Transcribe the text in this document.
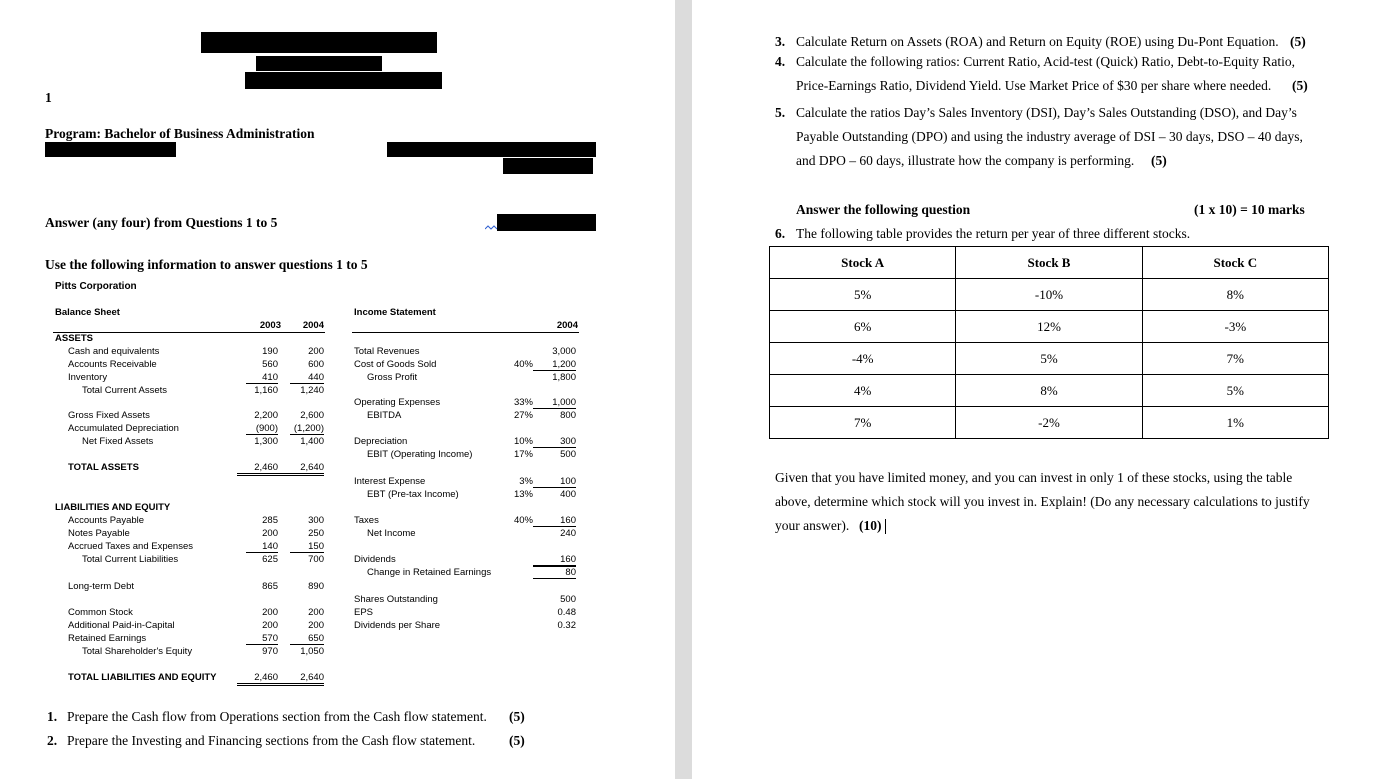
1
Program: Bachelor of Business Administration
Answer (any four) from Questions 1 to 5
Use the following information to answer questions 1 to 5
Pitts Corporation
Balance Sheet
2003	2004
ASSETS
Cash and equivalents	190	200
Accounts Receivable	560	600
Inventory	410	440
Total Current Assets	1,160	1,240
Gross Fixed Assets	2,200	2,600
Accumulated Depreciation	(900)	(1,200)
Net Fixed Assets	1,300	1,400
TOTAL ASSETS	2,460	2,640
LIABILITIES AND EQUITY
Accounts Payable	285	300
Notes Payable	200	250
Accrued Taxes and Expenses	140	150
Total Current Liabilities	625	700
Long-term Debt	865	890
Common Stock	200	200
Additional Paid-in-Capital	200	200
Retained Earnings	570	650
Total Shareholder's Equity	970	1,050
TOTAL LIABILITIES AND EQUITY	2,460	2,640
Income Statement
2004
Total Revenues	3,000
Cost of Goods Sold	40%	1,200
Gross Profit	1,800
Operating Expenses	33%	1,000
EBITDA	27%	800
Depreciation	10%	300
EBIT (Operating Income)	17%	500
Interest Expense	3%	100
EBT (Pre-tax Income)	13%	400
Taxes	40%	160
Net Income	240
Dividends	160
Change in Retained Earnings	80
Shares Outstanding	500
EPS	0.48
Dividends per Share	0.32
1. Prepare the Cash flow from Operations section from the Cash flow statement. (5)
2. Prepare the Investing and Financing sections from the Cash flow statement. (5)
3. Calculate Return on Assets (ROA) and Return on Equity (ROE) using Du-Pont Equation. (5)
4. Calculate the following ratios: Current Ratio, Acid-test (Quick) Ratio, Debt-to-Equity Ratio,
Price-Earnings Ratio, Dividend Yield. Use Market Price of $30 per share where needed. (5)
5. Calculate the ratios Day’s Sales Inventory (DSI), Day’s Sales Outstanding (DSO), and Day’s
Payable Outstanding (DPO) and using the industry average of DSI – 30 days, DSO – 40 days,
and DPO – 60 days, illustrate how the company is performing. (5)
Answer the following question	(1 x 10) = 10 marks
6. The following table provides the return per year of three different stocks.
Stock A	Stock B	Stock C
5%	-10%	8%
6%	12%	-3%
-4%	5%	7%
4%	8%	5%
7%	-2%	1%
Given that you have limited money, and you can invest in only 1 of these stocks, using the table
above, determine which stock will you invest in. Explain! (Do any necessary calculations to justify
your answer). (10)
